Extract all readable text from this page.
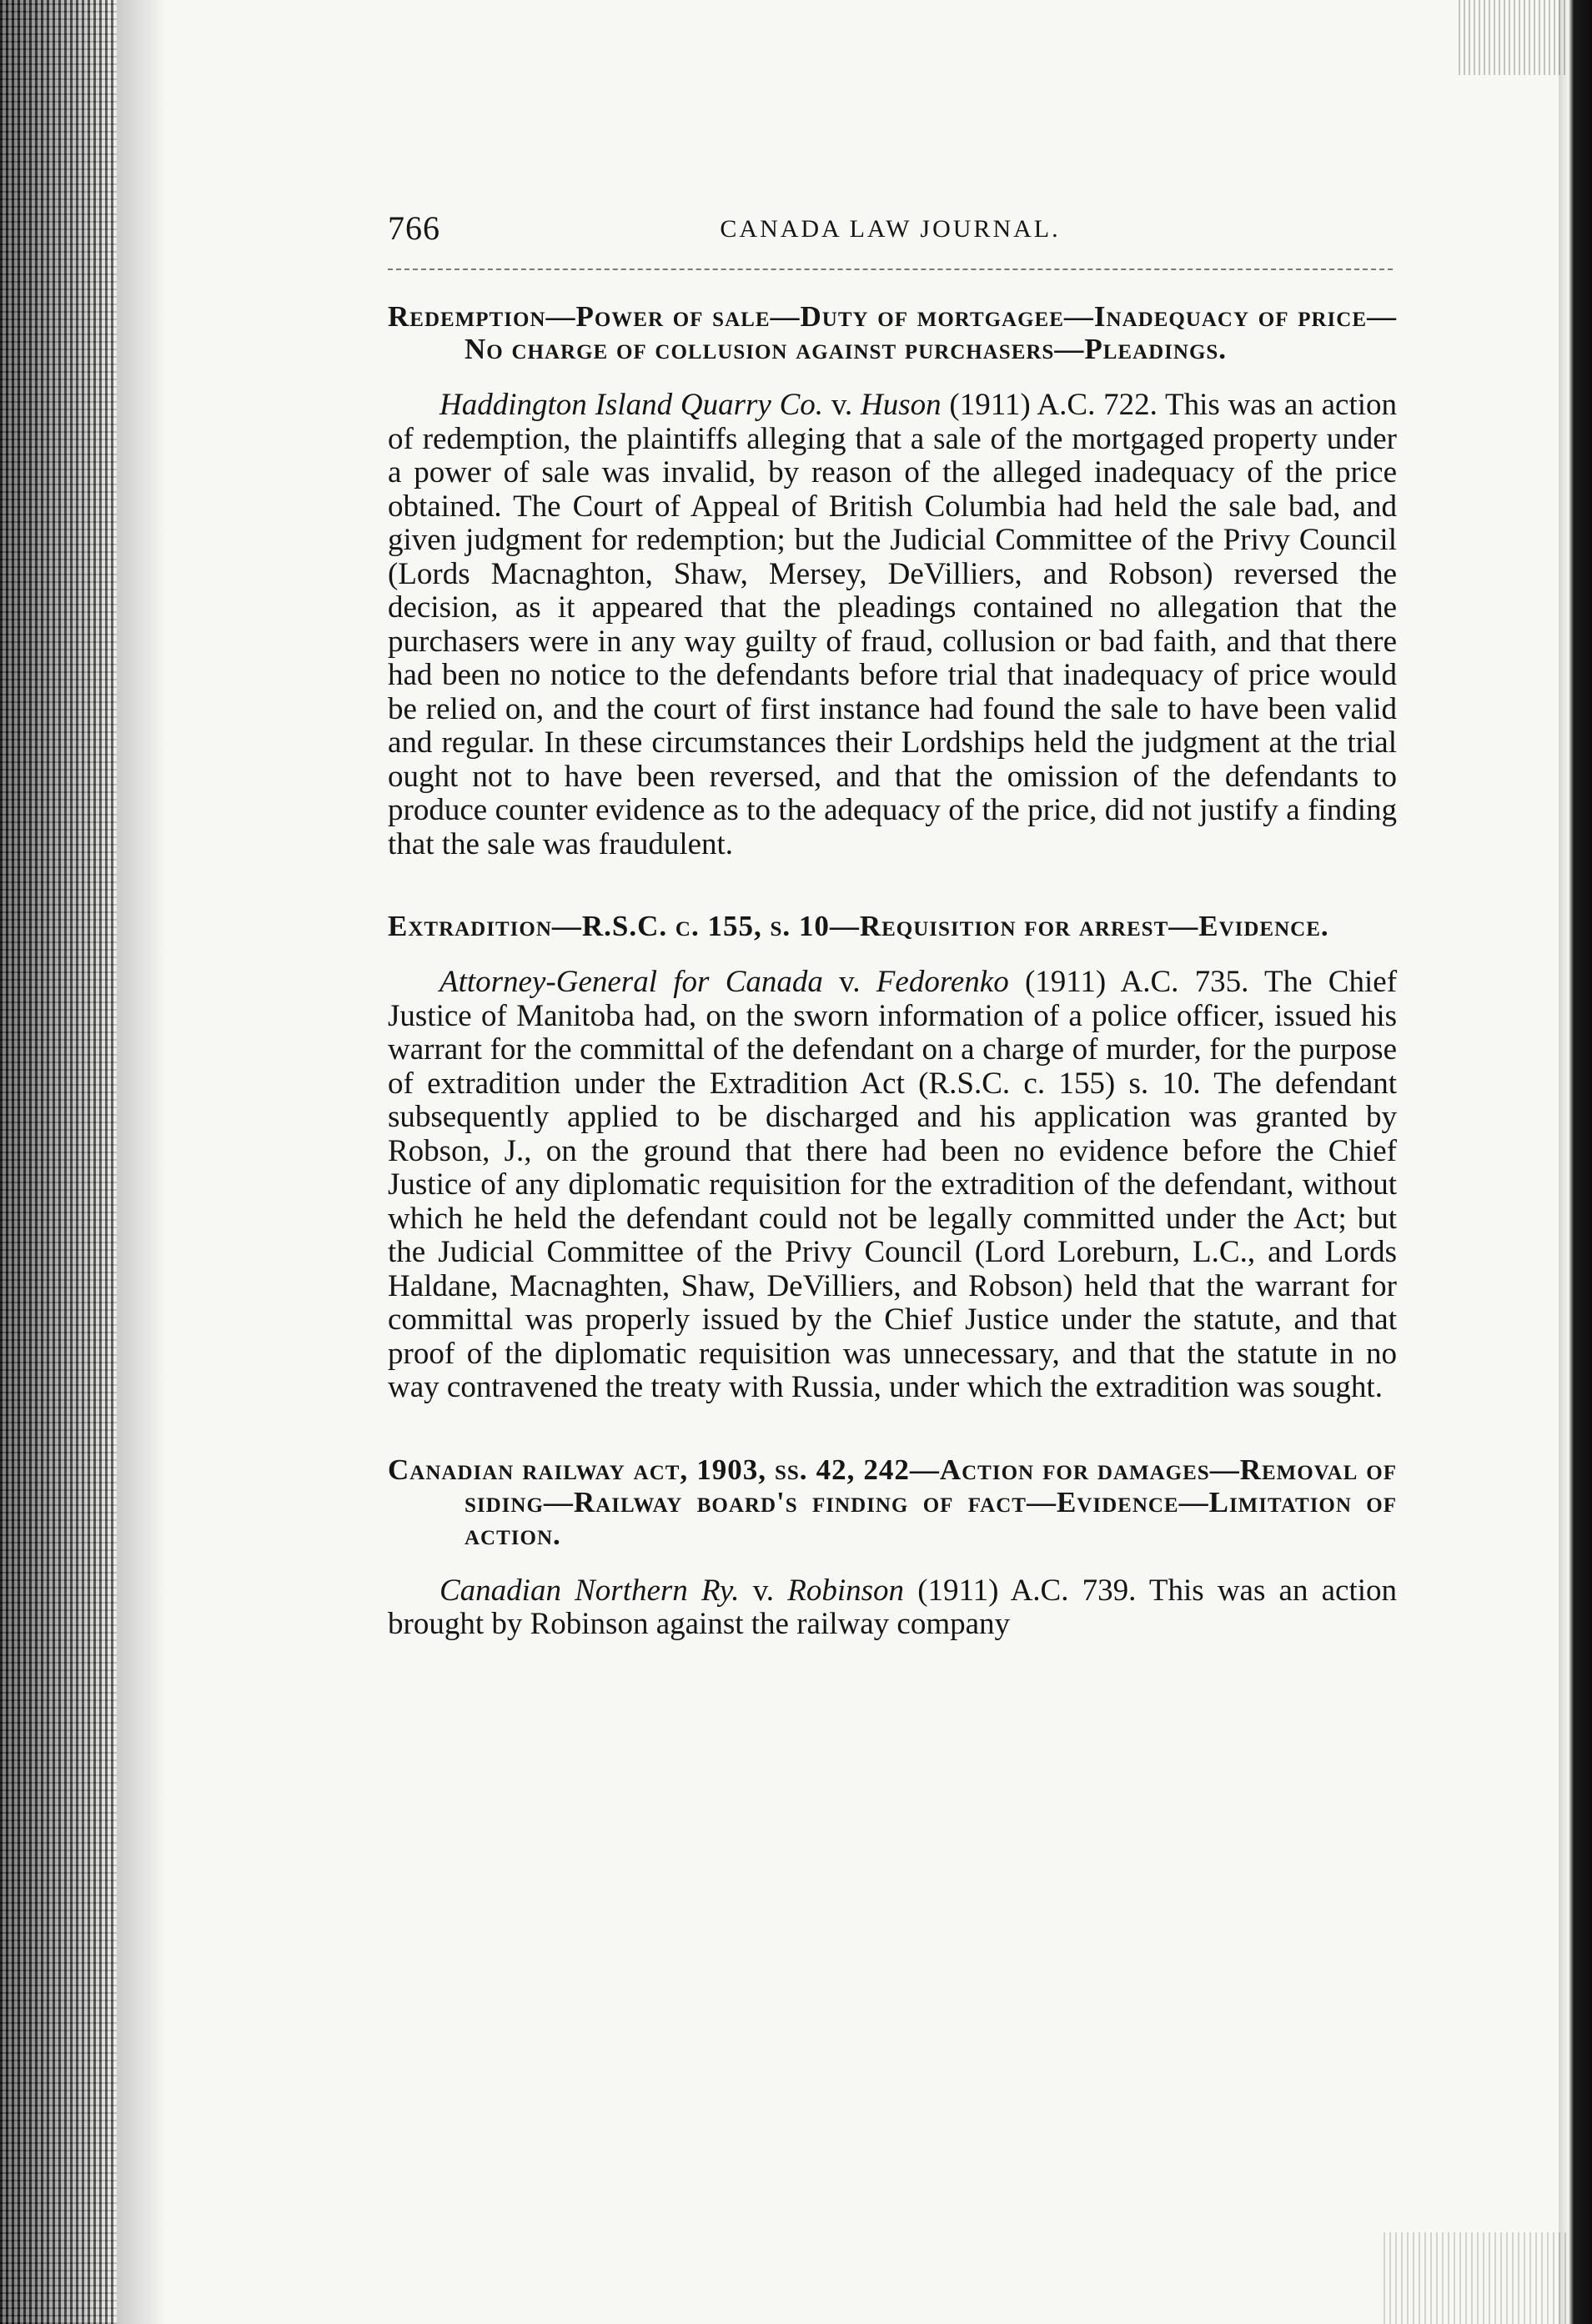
766	CANADA LAW JOURNAL.

Redemption—Power of sale—Duty of mortgagee—Inadequacy of price—No charge of collusion against purchasers—Pleadings.

Haddington Island Quarry Co. v. Huson (1911) A.C. 722. This was an action of redemption, the plaintiffs alleging that a sale of the mortgaged property under a power of sale was invalid, by reason of the alleged inadequacy of the price obtained. The Court of Appeal of British Columbia had held the sale bad, and given judgment for redemption; but the Judicial Committee of the Privy Council (Lords Macnaghton, Shaw, Mersey, DeVilliers, and Robson) reversed the decision, as it appeared that the pleadings contained no allegation that the purchasers were in any way guilty of fraud, collusion or bad faith, and that there had been no notice to the defendants before trial that inadequacy of price would be relied on, and the court of first instance had found the sale to have been valid and regular. In these circumstances their Lordships held the judgment at the trial ought not to have been reversed, and that the omission of the defendants to produce counter evidence as to the adequacy of the price, did not justify a finding that the sale was fraudulent.

Extradition—R.S.C. c. 155, s. 10—Requisition for arrest—Evidence.

Attorney-General for Canada v. Fedorenko (1911) A.C. 735. The Chief Justice of Manitoba had, on the sworn information of a police officer, issued his warrant for the committal of the defendant on a charge of murder, for the purpose of extradition under the Extradition Act (R.S.C. c. 155) s. 10. The defendant subsequently applied to be discharged and his application was granted by Robson, J., on the ground that there had been no evidence before the Chief Justice of any diplomatic requisition for the extradition of the defendant, without which he held the defendant could not be legally committed under the Act; but the Judicial Committee of the Privy Council (Lord Loreburn, L.C., and Lords Haldane, Macnaghten, Shaw, DeVilliers, and Robson) held that the warrant for committal was properly issued by the Chief Justice under the statute, and that proof of the diplomatic requisition was unnecessary, and that the statute in no way contravened the treaty with Russia, under which the extradition was sought.

Canadian railway act, 1903, ss. 42, 242—Action for damages—Removal of siding—Railway board's finding of fact—Evidence—Limitation of action.

Canadian Northern Ry. v. Robinson (1911) A.C. 739. This was an action brought by Robinson against the railway company
